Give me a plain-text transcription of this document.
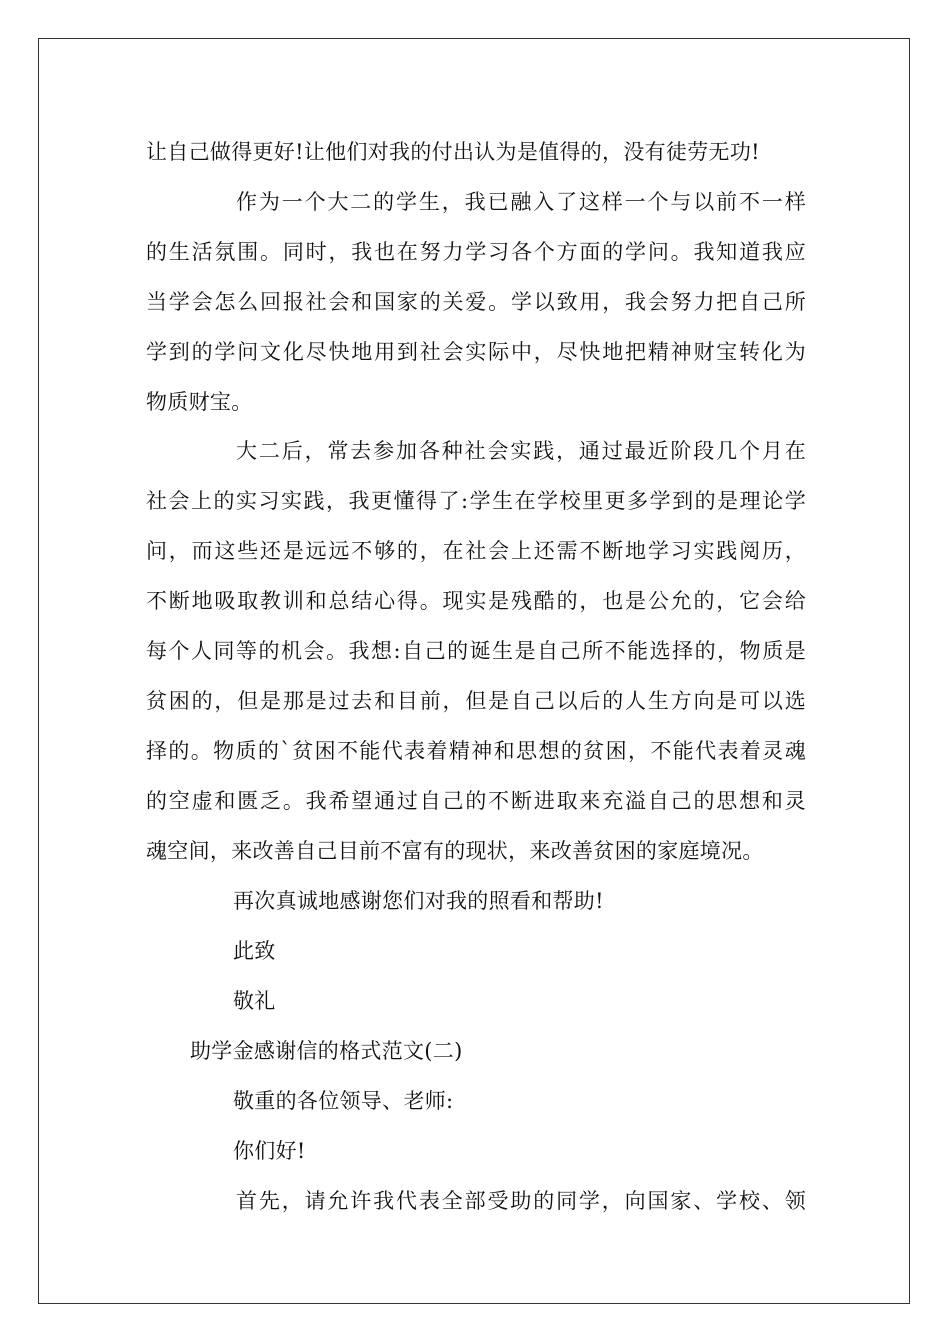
让自己做得更好!让他们对我的付出认为是值得的，没有徒劳无功!
作为一个大二的学生，我已融入了这样一个与以前不一样
的生活氛围。同时，我也在努力学习各个方面的学问。我知道我应
当学会怎么回报社会和国家的关爱。学以致用，我会努力把自己所
学到的学问文化尽快地用到社会实际中，尽快地把精神财宝转化为
物质财宝。
大二后，常去参加各种社会实践，通过最近阶段几个月在
社会上的实习实践，我更懂得了:学生在学校里更多学到的是理论学
问，而这些还是远远不够的，在社会上还需不断地学习实践阅历，
不断地吸取教训和总结心得。现实是残酷的，也是公允的，它会给
每个人同等的机会。我想:自己的诞生是自己所不能选择的，物质是
贫困的，但是那是过去和目前，但是自己以后的人生方向是可以选
择的。物质的`贫困不能代表着精神和思想的贫困，不能代表着灵魂
的空虚和匮乏。我希望通过自己的不断进取来充溢自己的思想和灵
魂空间，来改善自己目前不富有的现状，来改善贫困的家庭境况。
再次真诚地感谢您们对我的照看和帮助!
此致
敬礼
助学金感谢信的格式范文(二)
敬重的各位领导、老师:
你们好!
首先，请允许我代表全部受助的同学，向国家、学校、领
